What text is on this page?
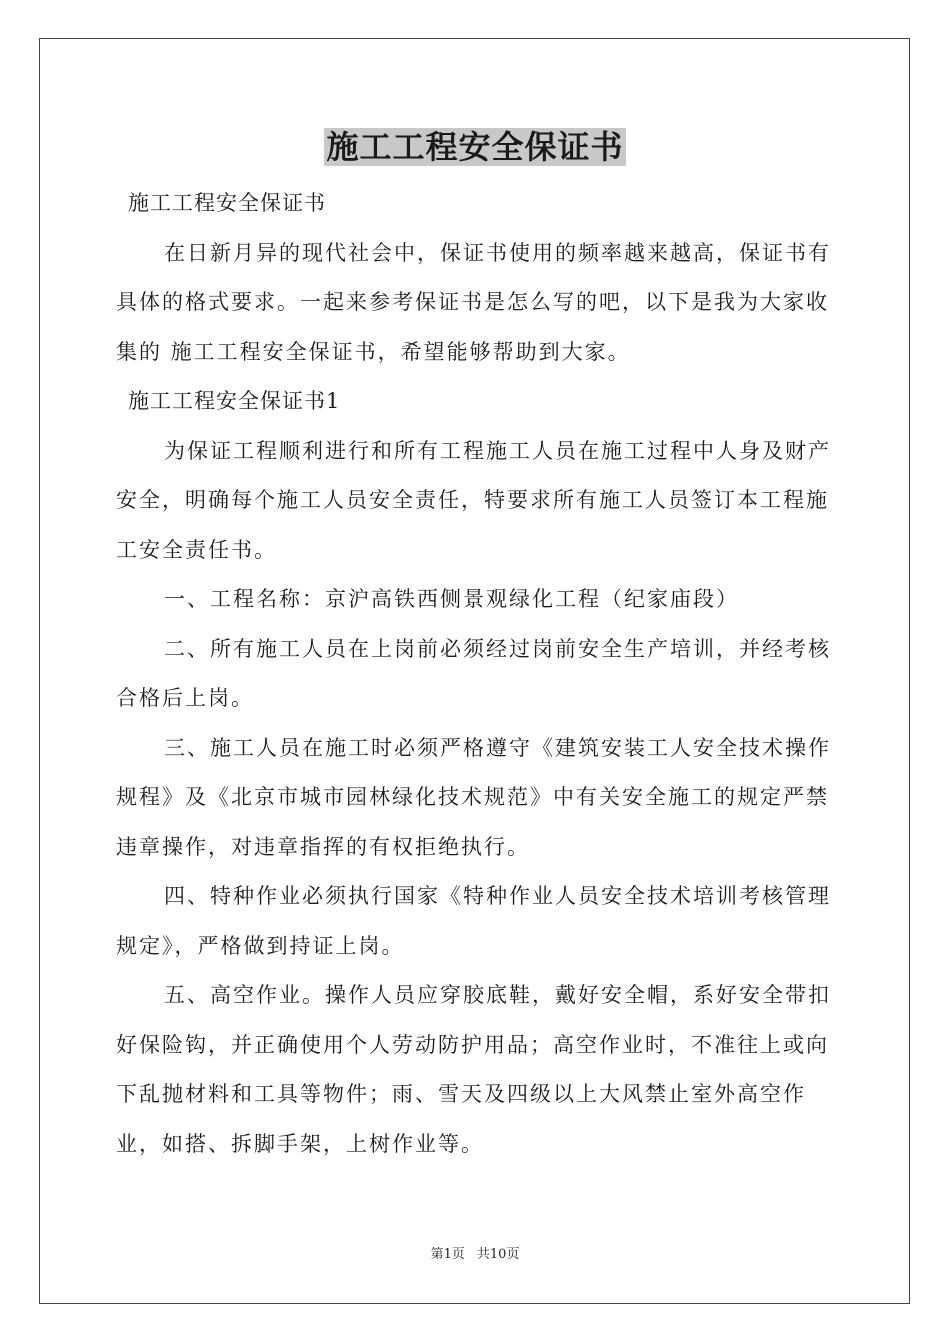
施工工程安全保证书

施工工程安全保证书

在日新月异的现代社会中，保证书使用的频率越来越高，保证书有具体的格式要求。一起来参考保证书是怎么写的吧，以下是我为大家收集的 施工工程安全保证书，希望能够帮助到大家。

施工工程安全保证书1

为保证工程顺利进行和所有工程施工人员在施工过程中人身及财产安全，明确每个施工人员安全责任，特要求所有施工人员签订本工程施工安全责任书。

一、工程名称：京沪高铁西侧景观绿化工程（纪家庙段）

二、所有施工人员在上岗前必须经过岗前安全生产培训，并经考核合格后上岗。

三、施工人员在施工时必须严格遵守《建筑安装工人安全技术操作规程》及《北京市城市园林绿化技术规范》中有关安全施工的规定严禁违章操作，对违章指挥的有权拒绝执行。

四、特种作业必须执行国家《特种作业人员安全技术培训考核管理规定》，严格做到持证上岗。

五、高空作业。操作人员应穿胶底鞋，戴好安全帽，系好安全带扣好保险钩，并正确使用个人劳动防护用品；高空作业时，不准往上或向下乱抛材料和工具等物件；雨、雪天及四级以上大风禁止室外高空作业，如搭、拆脚手架，上树作业等。

第1页 共10页
